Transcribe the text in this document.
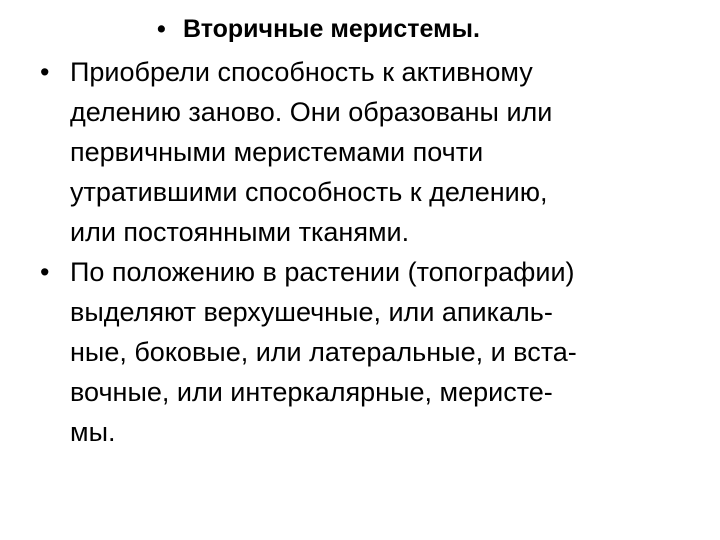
• Вторичные меристемы.
• Приобрели способность к активному
делению заново. Они образованы или
первичными меристемами почти
утратившими способность к делению,
или постоянными тканями.
• По положению в растении (топографии)
выделяют верхушечные, или апикаль-
ные, боковые, или латеральные, и вста-
вочные, или интеркалярные, меристе-
мы.
